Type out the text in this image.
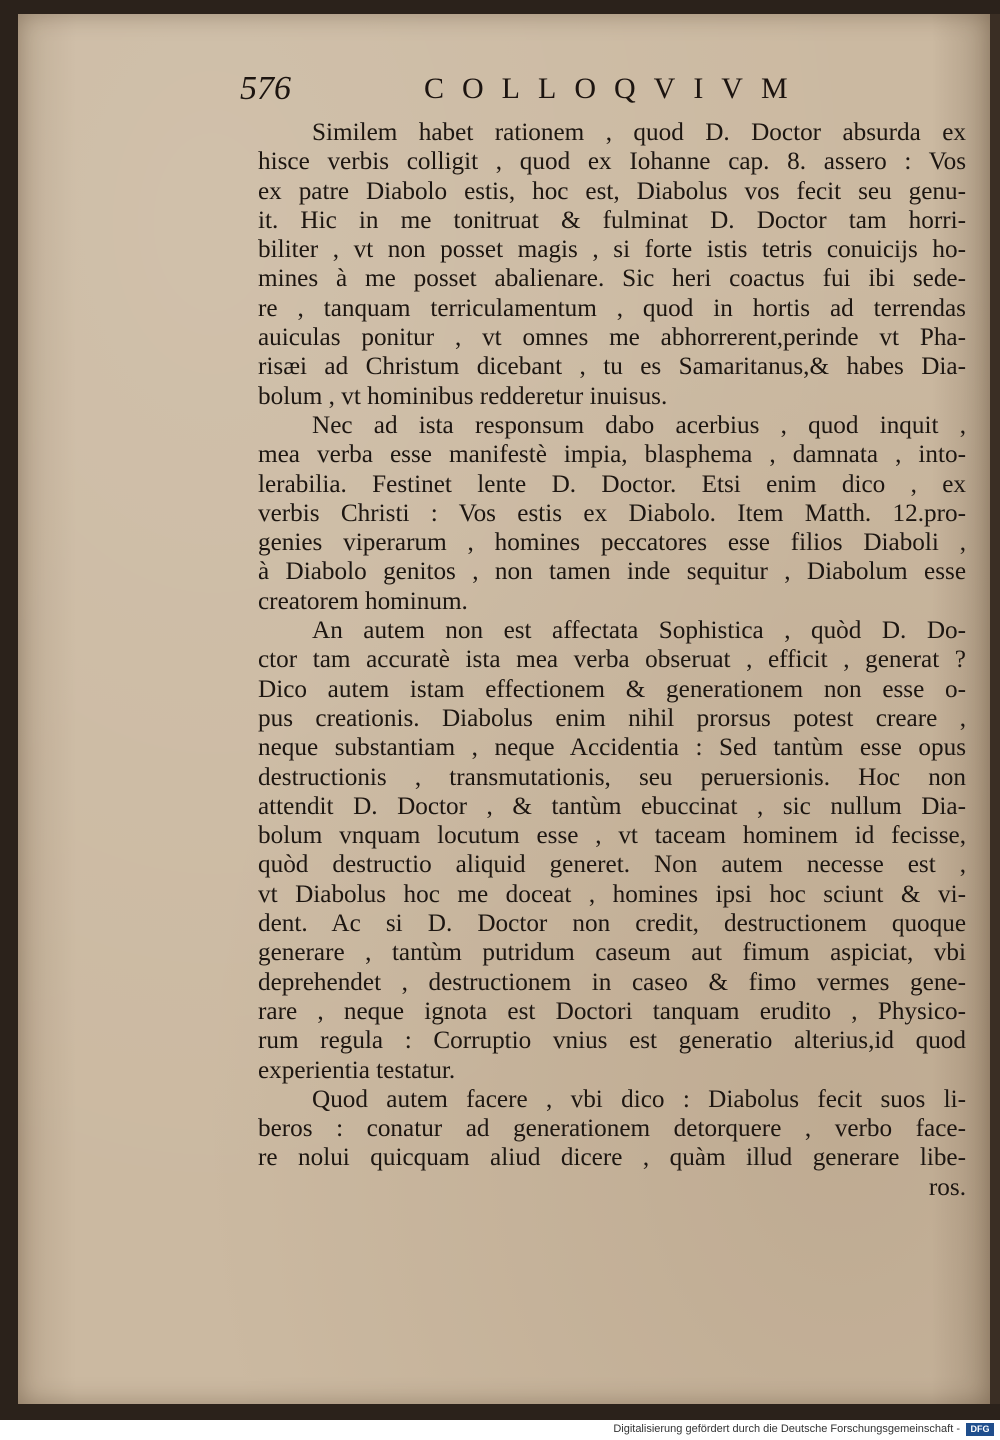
576	COLLOQVIVM
Similem habet rationem , quod D. Doctor absurda ex
hisce verbis colligit , quod ex Iohanne cap. 8. assero : Vos
ex patre Diabolo estis, hoc est, Diabolus vos fecit seu genu-
it. Hic in me tonitruat & fulminat D. Doctor tam horri-
biliter , vt non posset magis , si forte istis tetris conuicijs ho-
mines à me posset abalienare. Sic heri coactus fui ibi sede-
re , tanquam terriculamentum , quod in hortis ad terrendas
auiculas ponitur , vt omnes me abhorrerent,perinde vt Pha-
risæi ad Christum dicebant , tu es Samaritanus,& habes Dia-
bolum , vt hominibus redderetur inuisus.
Nec ad ista responsum dabo acerbius , quod inquit ,
mea verba esse manifestè impia, blasphema , damnata , into-
lerabilia. Festinet lente D. Doctor. Etsi enim dico , ex
verbis Christi : Vos estis ex Diabolo. Item Matth. 12.pro-
genies viperarum , homines peccatores esse filios Diaboli ,
à Diabolo genitos , non tamen inde sequitur , Diabolum esse
creatorem hominum.
An autem non est affectata Sophistica , quòd D. Do-
ctor tam accuratè ista mea verba obseruat , efficit , generat ?
Dico autem istam effectionem & generationem non esse o-
pus creationis. Diabolus enim nihil prorsus potest creare ,
neque substantiam , neque Accidentia : Sed tantùm esse opus
destructionis , transmutationis, seu peruersionis. Hoc non
attendit D. Doctor , & tantùm ebuccinat , sic nullum Dia-
bolum vnquam locutum esse , vt taceam hominem id fecisse,
quòd destructio aliquid generet. Non autem necesse est ,
vt Diabolus hoc me doceat , homines ipsi hoc sciunt & vi-
dent. Ac si D. Doctor non credit, destructionem quoque
generare , tantùm putridum caseum aut fimum aspiciat, vbi
deprehendet , destructionem in caseo & fimo vermes gene-
rare , neque ignota est Doctori tanquam erudito , Physico-
rum regula : Corruptio vnius est generatio alterius,id quod
experientia testatur.
Quod autem facere , vbi dico : Diabolus fecit suos li-
beros : conatur ad generationem detorquere , verbo face-
re nolui quicquam aliud dicere , quàm illud generare libe-
ros.
Digitalisierung gefördert durch die Deutsche Forschungsgemeinschaft -	DFG
